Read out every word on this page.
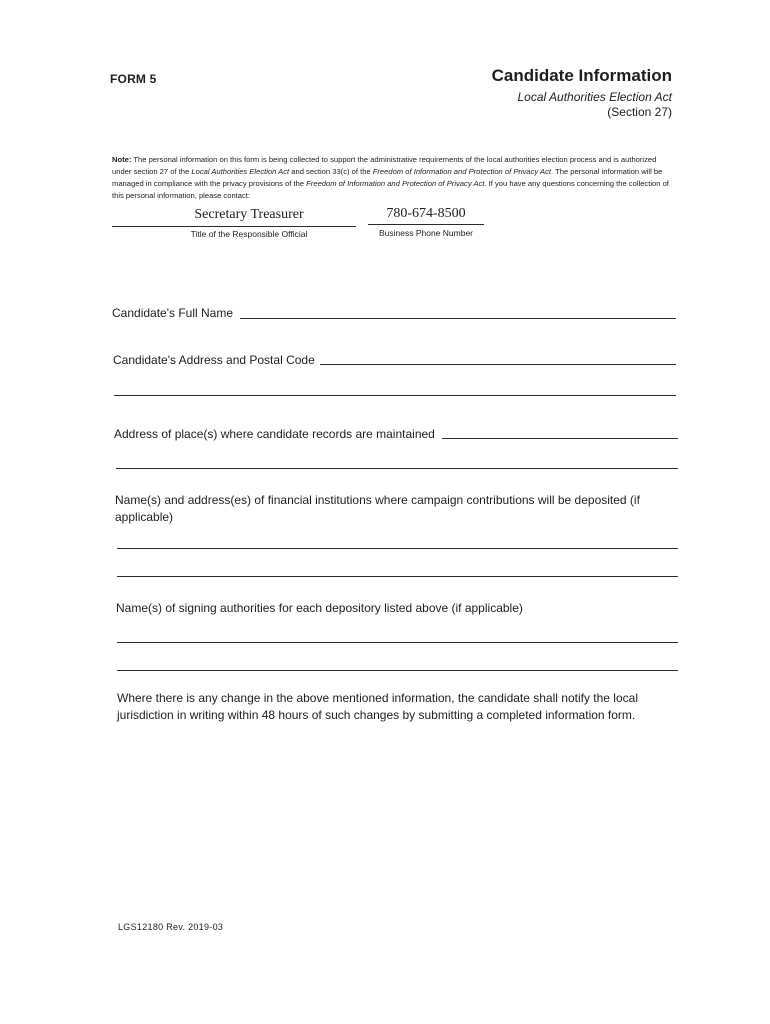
FORM 5	Candidate Information
Local Authorities Election Act
(Section 27)
Note: The personal information on this form is being collected to support the administrative requirements of the local authorities election process and is authorized under section 27 of the Local Authorities Election Act and section 33(c) of the Freedom of Information and Protection of Privacy Act. The personal information will be managed in compliance with the privacy provisions of the Freedom of Information and Protection of Privacy Act. If you have any questions concerning the collection of this personal information, please contact:
Secretary Treasurer
Title of the Responsible Official
780-674-8500
Business Phone Number
Candidate's Full Name
Candidate's Address and Postal Code
Address of place(s) where candidate records are maintained
Name(s) and address(es) of financial institutions where campaign contributions will be deposited (if applicable)
Name(s) of signing authorities for each depository listed above (if applicable)
Where there is any change in the above mentioned information, the candidate shall notify the local jurisdiction in writing within 48 hours of such changes by submitting a completed information form.
LGS12180 Rev. 2019-03
